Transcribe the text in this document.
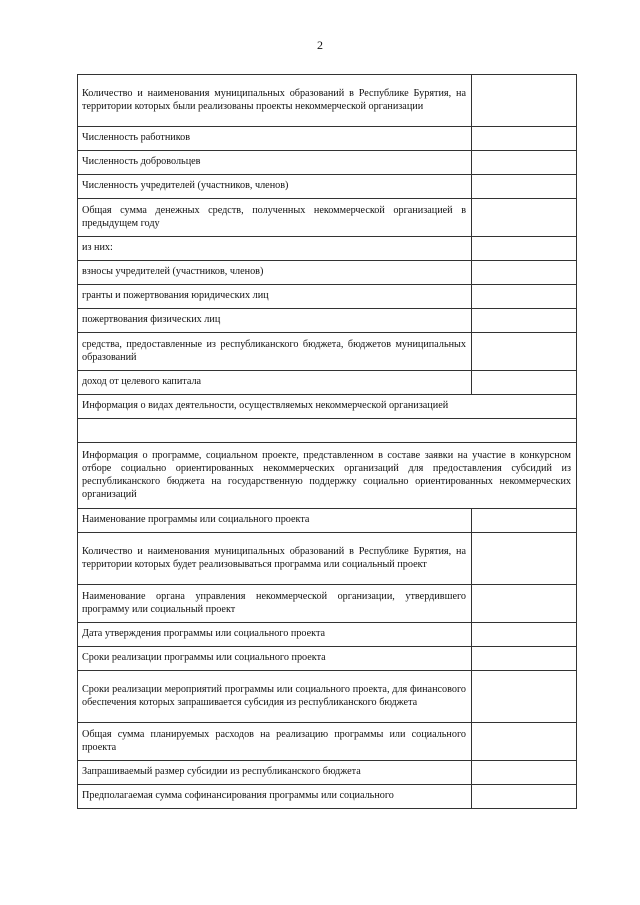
2
Количество и наименования муниципальных образований в Республике Бурятия, на территории которых были реализованы проекты некоммерческой организации	
Численность работников	
Численность добровольцев	
Численность учредителей (участников, членов)	
Общая сумма денежных средств, полученных некоммерческой организацией в предыдущем году	
из них:	
взносы учредителей (участников, членов)	
гранты и пожертвования юридических лиц	
пожертвования физических лиц	
средства, предоставленные из республиканского бюджета, бюджетов муниципальных образований	
доход от целевого капитала	
Информация о видах деятельности, осуществляемых некоммерческой организацией	

Информация о программе, социальном проекте, представленном в составе заявки на участие в конкурсном отборе социально ориентированных некоммерческих организаций для предоставления субсидий из республиканского бюджета на государственную поддержку социально ориентированных некоммерческих организаций	
Наименование программы или социального проекта	
Количество и наименования муниципальных образований в Республике Бурятия, на территории которых будет реализовываться программа или социальный проект	
Наименование органа управления некоммерческой организации, утвердившего программу или социальный проект	
Дата утверждения программы или социального проекта	
Сроки реализации программы или социального проекта	
Сроки реализации мероприятий программы или социального проекта, для финансового обеспечения которых запрашивается субсидия из республиканского бюджета	
Общая сумма планируемых расходов на реализацию программы или социального проекта	
Запрашиваемый размер субсидии из республиканского бюджета	
Предполагаемая сумма софинансирования программы или социального	
